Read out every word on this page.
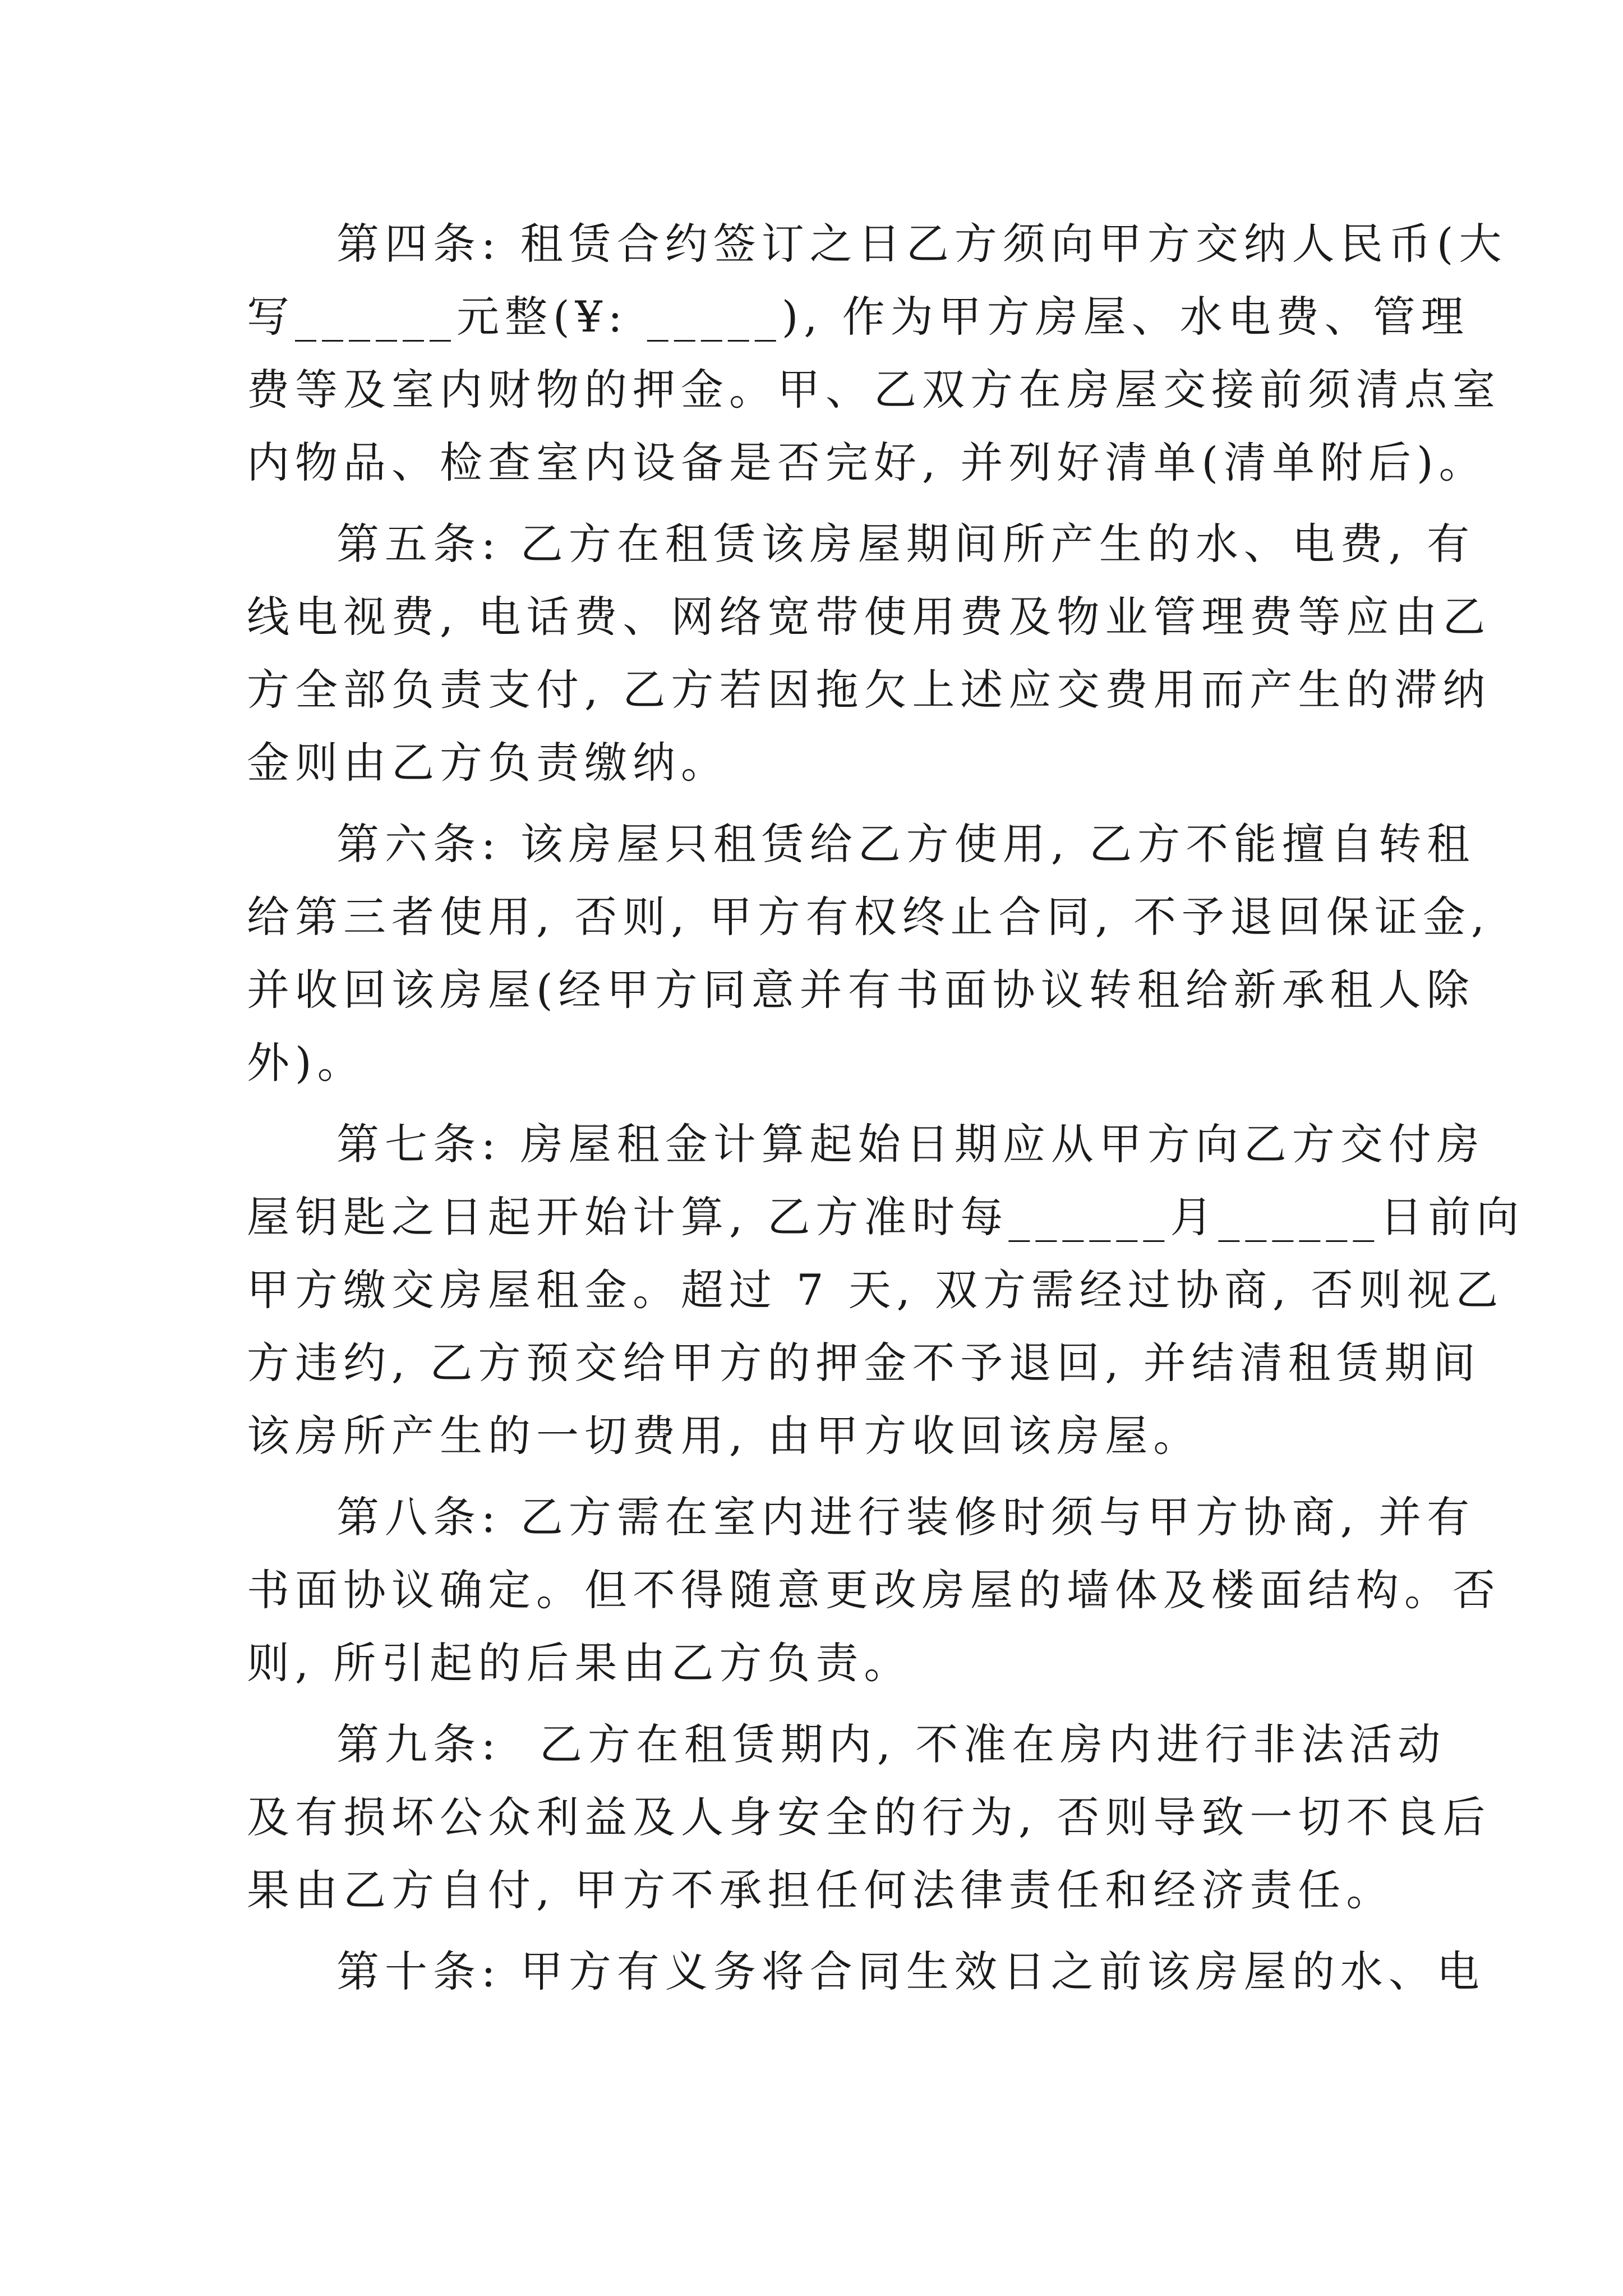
第四条: 租赁合约签订之日乙方须向甲方交纳人民币(大
写______元整(¥: _____), 作为甲方房屋、水电费、管理
费等及室内财物的押金。甲、乙双方在房屋交接前须清点室
内物品、检查室内设备是否完好, 并列好清单(清单附后)。
第五条: 乙方在租赁该房屋期间所产生的水、电费, 有
线电视费, 电话费、网络宽带使用费及物业管理费等应由乙
方全部负责支付, 乙方若因拖欠上述应交费用而产生的滞纳
金则由乙方负责缴纳。
第六条: 该房屋只租赁给乙方使用, 乙方不能擅自转租
给第三者使用, 否则, 甲方有权终止合同, 不予退回保证金,
并收回该房屋(经甲方同意并有书面协议转租给新承租人除
外)。
第七条: 房屋租金计算起始日期应从甲方向乙方交付房
屋钥匙之日起开始计算, 乙方准时每______月______日前向
甲方缴交房屋租金。超过 7 天, 双方需经过协商, 否则视乙
方违约, 乙方预交给甲方的押金不予退回, 并结清租赁期间
该房所产生的一切费用, 由甲方收回该房屋。
第八条: 乙方需在室内进行装修时须与甲方协商, 并有
书面协议确定。但不得随意更改房屋的墙体及楼面结构。否
则, 所引起的后果由乙方负责。
第九条:  乙方在租赁期内, 不准在房内进行非法活动
及有损坏公众利益及人身安全的行为, 否则导致一切不良后
果由乙方自付, 甲方不承担任何法律责任和经济责任。
第十条: 甲方有义务将合同生效日之前该房屋的水、电
